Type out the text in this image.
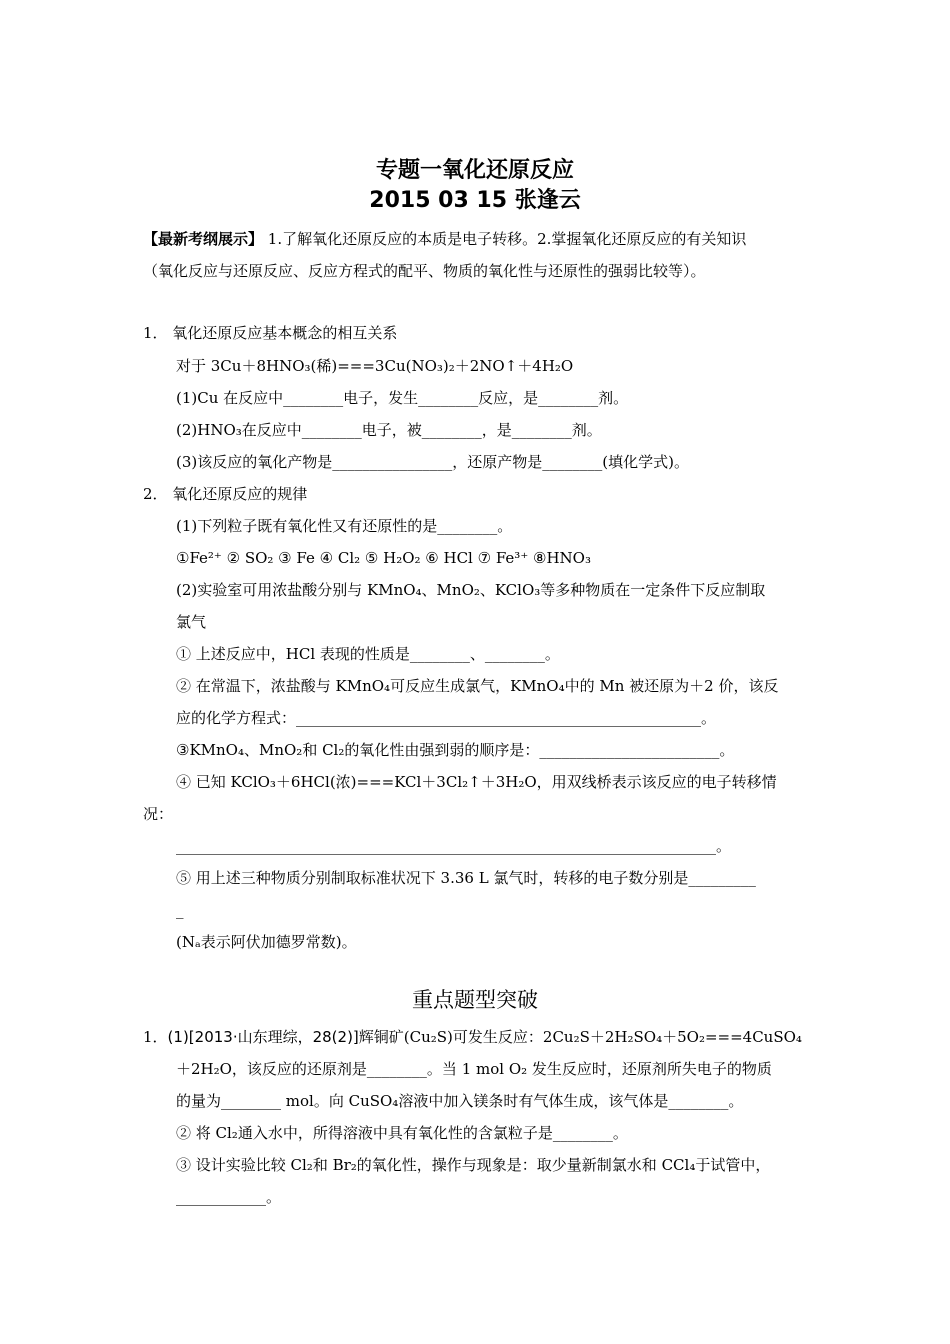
专题一氧化还原反应
2015 03 15 张逢云
【最新考纲展示】 1.了解氧化还原反应的本质是电子转移。2.掌握氧化还原反应的有关知识
（氧化反应与还原反应、反应方程式的配平、物质的氧化性与还原性的强弱比较等）。
1． 氧化还原反应基本概念的相互关系
对于 3Cu＋8HNO₃(稀)===3Cu(NO₃)₂＋2NO↑＋4H₂O
(1)Cu 在反应中________电子，发生________反应，是________剂。
(2)HNO₃在反应中________电子，被________，是________剂。
(3)该反应的氧化产物是________________，还原产物是________(填化学式)。
2． 氧化还原反应的规律
(1)下列粒子既有氧化性又有还原性的是________。
①Fe²⁺ ② SO₂ ③ Fe ④ Cl₂ ⑤ H₂O₂ ⑥ HCl ⑦ Fe³⁺ ⑧HNO₃
(2)实验室可用浓盐酸分别与 KMnO₄、MnO₂、KClO₃等多种物质在一定条件下反应制取
氯气
① 上述反应中，HCl 表现的性质是________、________。
② 在常温下，浓盐酸与 KMnO₄可反应生成氯气，KMnO₄中的 Mn 被还原为＋2 价，该反
应的化学方程式：______________________________________________________。
③KMnO₄、MnO₂和 Cl₂的氧化性由强到弱的顺序是：________________________。
④ 已知 KClO₃＋6HCl(浓)===KCl＋3Cl₂↑＋3H₂O，用双线桥表示该反应的电子转移情
况：
________________________________________________________________________。
⑤ 用上述三种物质分别制取标准状况下 3.36 L 氯气时，转移的电子数分别是_________
_
(Nₐ表示阿伏加德罗常数)。
重点题型突破
1．(1)[2013·山东理综，28(2)]辉铜矿(Cu₂S)可发生反应：2Cu₂S＋2H₂SO₄＋5O₂===4CuSO₄
＋2H₂O，该反应的还原剂是________。当 1 mol O₂ 发生反应时，还原剂所失电子的物质
的量为________ mol。向 CuSO₄溶液中加入镁条时有气体生成，该气体是________。
② 将 Cl₂通入水中，所得溶液中具有氧化性的含氯粒子是________。
③ 设计实验比较 Cl₂和 Br₂的氧化性，操作与现象是：取少量新制氯水和 CCl₄于试管中，
____________。
